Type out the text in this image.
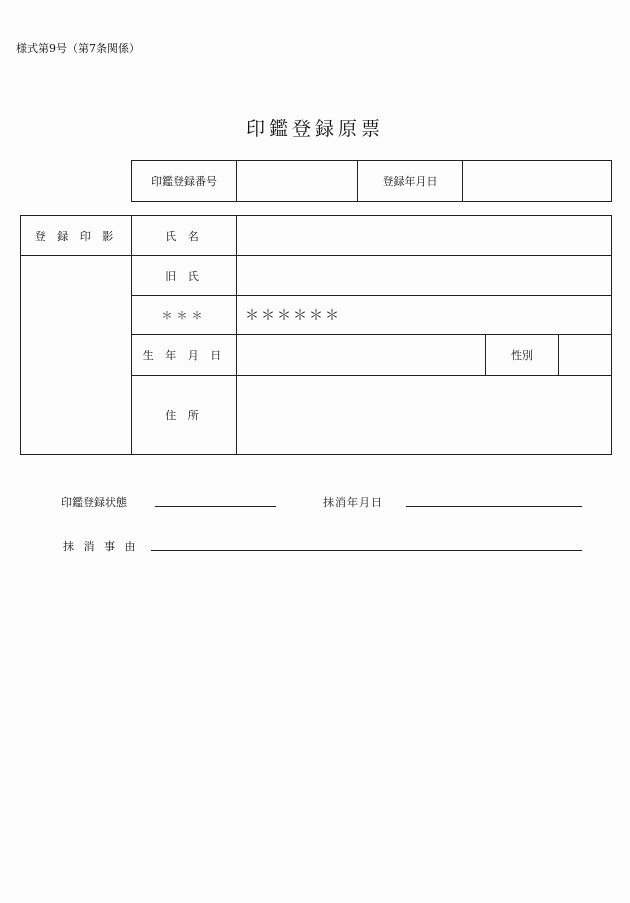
様式第9号（第7条関係）
印鑑登録原票
印鑑登録番号		登録年月日	
登 録 印 影	氏 名			
	旧 氏			
	＊＊＊	＊＊＊＊＊＊		
	生 年 月 日		性別	
	住 所			
印鑑登録状態	抹消年月日
抹 消 事 由
